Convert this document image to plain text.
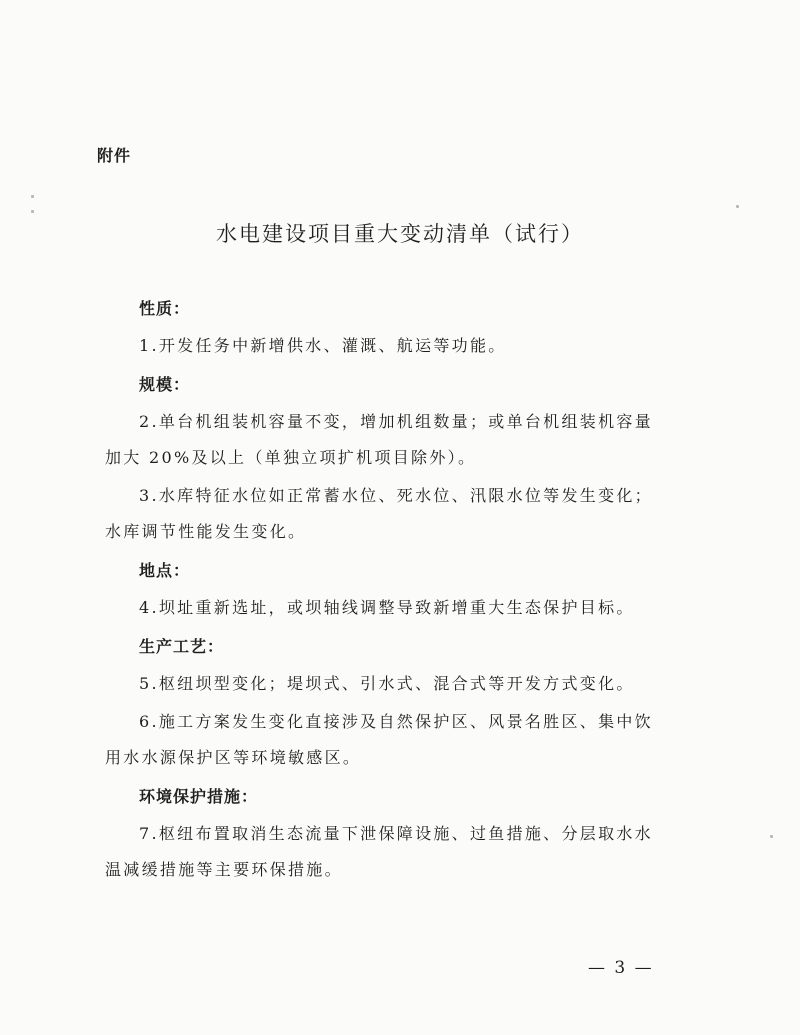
附件
水电建设项目重大变动清单（试行）
性质：
1.开发任务中新增供水、灌溉、航运等功能。
规模：
2.单台机组装机容量不变，增加机组数量；或单台机组装机容量加大 20%及以上（单独立项扩机项目除外）。
3.水库特征水位如正常蓄水位、死水位、汛限水位等发生变化；水库调节性能发生变化。
地点：
4.坝址重新选址，或坝轴线调整导致新增重大生态保护目标。
生产工艺：
5.枢纽坝型变化；堤坝式、引水式、混合式等开发方式变化。
6.施工方案发生变化直接涉及自然保护区、风景名胜区、集中饮用水水源保护区等环境敏感区。
环境保护措施：
7.枢纽布置取消生态流量下泄保障设施、过鱼措施、分层取水水温减缓措施等主要环保措施。
— 3 —
